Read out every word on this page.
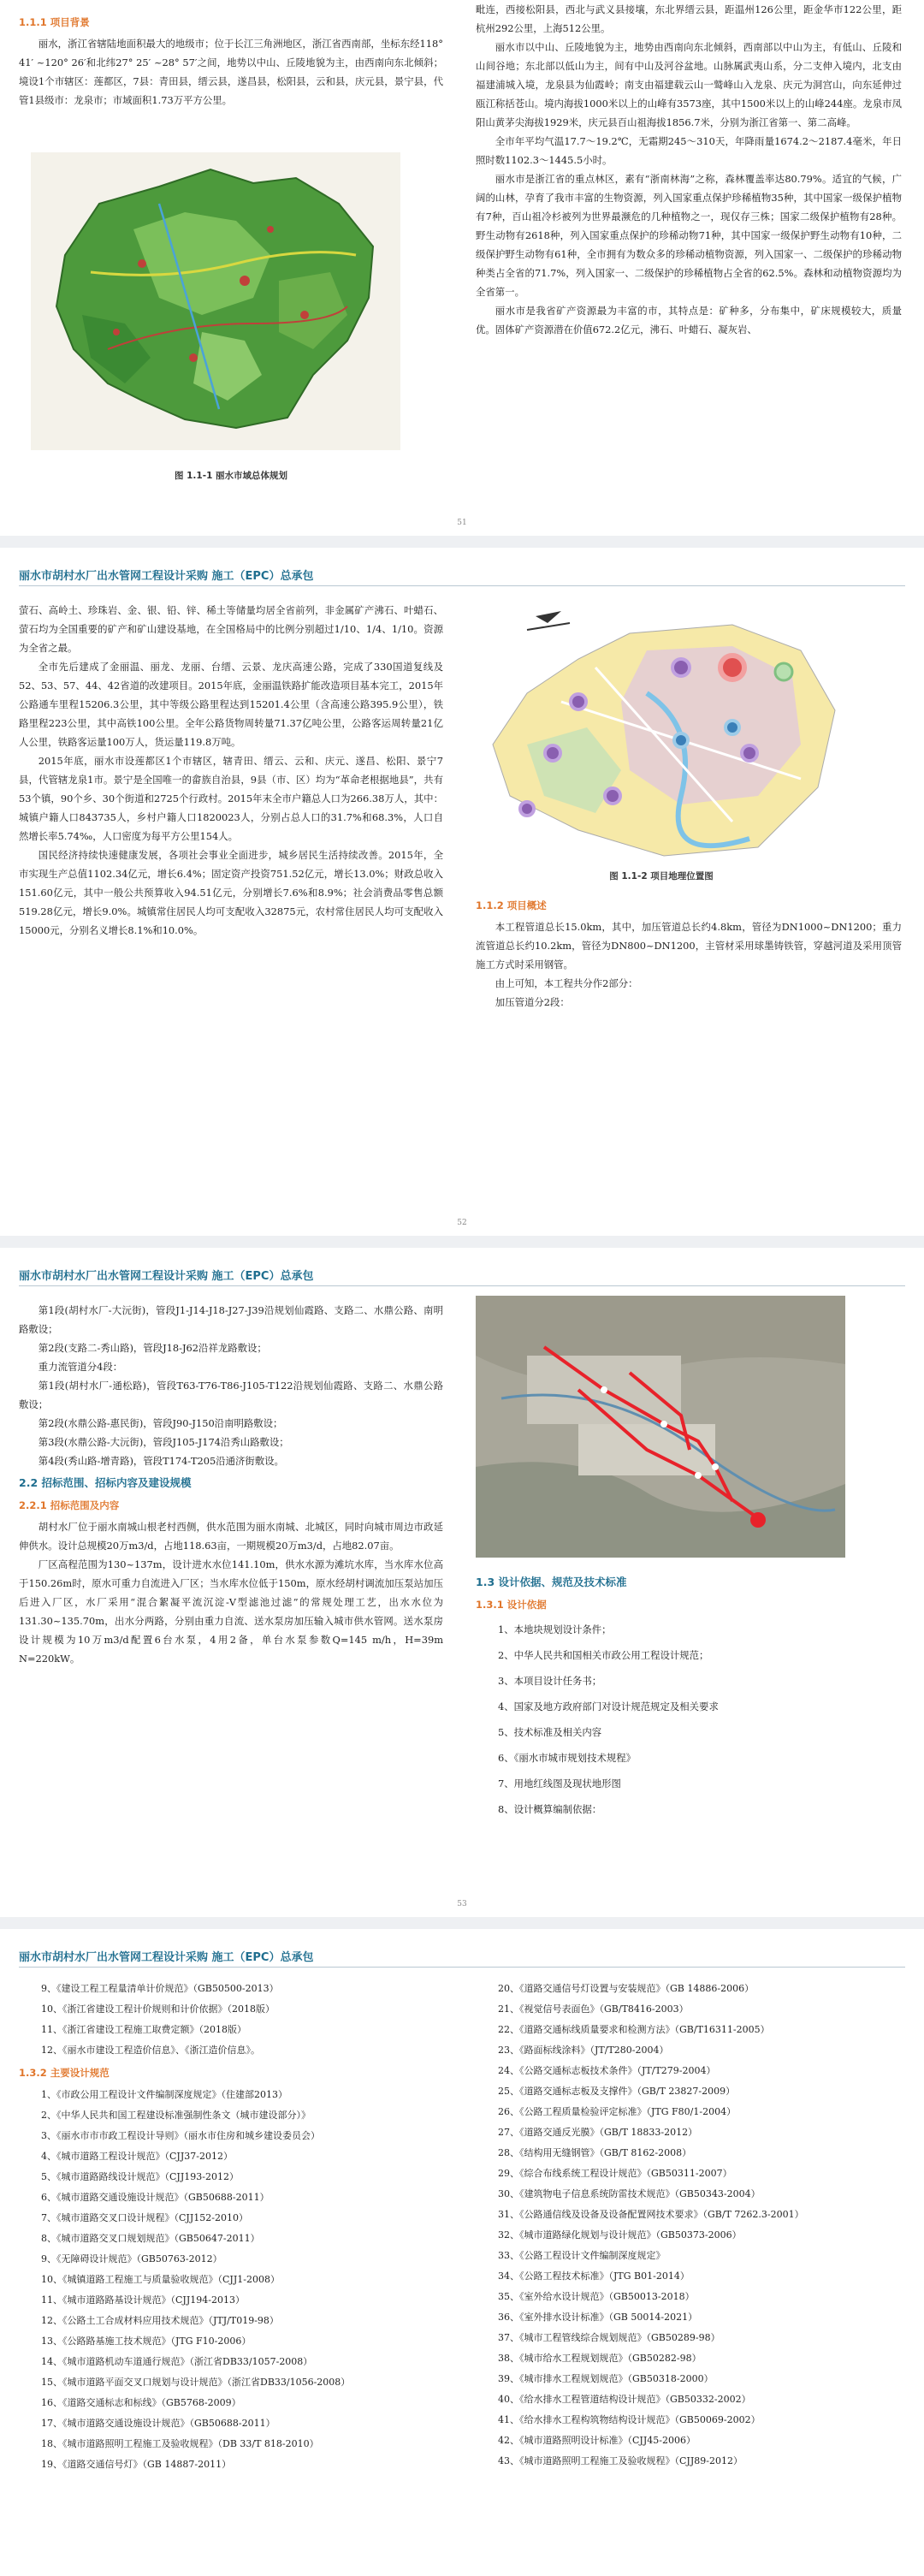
1.1.1 项目背景

丽水，浙江省辖陆地面积最大的地级市；位于长江三角洲地区，浙江省西南部，坐标东经118° 41′ ~120° 26′和北纬27° 25′ ~28° 57′之间，地势以中山、丘陵地貌为主，由西南向东北倾斜；境设1个市辖区：莲都区，7县：青田县，缙云县，遂昌县，松阳县，云和县，庆元县，景宁县，代管1县级市：龙泉市；市域面积1.73万平方公里。

图 1.1-1 丽水市域总体规划

毗连，西接松阳县，西北与武义县接壤，东北界缙云县，距温州126公里，距金华市122公里，距杭州292公里，上海512公里。

丽水市以中山、丘陵地貌为主，地势由西南向东北倾斜，西南部以中山为主，有低山、丘陵和山间谷地；东北部以低山为主，间有中山及河谷盆地。山脉属武夷山系，分二支伸入境内，北支由福建浦城入境，龙泉县为仙霞岭；南支由福建载云山一鹫峰山入龙泉、庆元为洞宫山，向东延伸过瓯江称括苍山。境内海拔1000米以上的山峰有3573座，其中1500米以上的山峰244座。龙泉市凤阳山黄茅尖海拔1929米，庆元县百山祖海拔1856.7米，分别为浙江省第一、第二高峰。

全市年平均气温17.7～19.2℃，无霜期245～310天，年降雨量1674.2～2187.4毫米，年日照时数1102.3～1445.5小时。

丽水市是浙江省的重点林区，素有“浙南林海”之称，森林覆盖率达80.79%。适宜的气候，广阔的山林，孕育了我市丰富的生物资源，列入国家重点保护珍稀植物35种，其中国家一级保护植物有7种，百山祖冷杉被列为世界最濒危的几种植物之一，现仅存三株；国家二级保护植物有28种。野生动物有2618种，列入国家重点保护的珍稀动物71种，其中国家一级保护野生动物有10种，二级保护野生动物有61种，全市拥有为数众多的珍稀动植物资源，列入国家一、二级保护的珍稀动物种类占全省的71.7%，列入国家一、二级保护的珍稀植物占全省的62.5%。森林和动植物资源均为全省第一。

丽水市是我省矿产资源最为丰富的市，其特点是：矿种多，分布集中，矿床规模较大，质量优。固体矿产资源潜在价值672.2亿元，沸石、叶蜡石、凝灰岩、

51
丽水市胡村水厂出水管网工程设计采购 施工（EPC）总承包

萤石、高岭土、珍珠岩、金、银、铅、锌、稀土等储量均居全省前列，非金属矿产沸石、叶蜡石、萤石均为全国重要的矿产和矿山建设基地，在全国格局中的比例分别超过1/10、1/4、1/10。资源为全省之最。

全市先后建成了金丽温、丽龙、龙丽、台缙、云景、龙庆高速公路，完成了330国道复线及52、53、57、44、42省道的改建项目。2015年底，金丽温铁路扩能改造项目基本完工，2015年公路通车里程15206.3公里，其中等级公路里程达到15201.4公里（含高速公路395.9公里），铁路里程223公里，其中高铁100公里。全年公路货物周转量71.37亿吨公里，公路客运周转量21亿人公里，铁路客运量100万人，货运量119.8万吨。

2015年底，丽水市设莲都区1个市辖区，辖青田、缙云、云和、庆元、遂昌、松阳、景宁7县，代管辖龙泉1市。景宁是全国唯一的畲族自治县，9县（市、区）均为“革命老根据地县”，共有53个镇，90个乡、30个街道和2725个行政村。2015年末全市户籍总人口为266.38万人，其中：城镇户籍人口843735人，乡村户籍人口1820023人，分别占总人口的31.7%和68.3%，人口自然增长率5.74‰，人口密度为每平方公里154人。

国民经济持续快速健康发展，各项社会事业全面进步，城乡居民生活持续改善。2015年，全市实现生产总值1102.34亿元，增长6.4%；固定资产投资751.52亿元，增长13.0%；财政总收入151.60亿元，其中一般公共预算收入94.51亿元，分别增长7.6%和8.9%；社会消费品零售总额519.28亿元，增长9.0%。城镇常住居民人均可支配收入32875元，农村常住居民人均可支配收入15000元，分别名义增长8.1%和10.0%。

图 1.1-2 项目地理位置图
1.1.2 项目概述

本工程管道总长15.0km，其中，加压管道总长约4.8km，管径为DN1000~DN1200；重力流管道总长约10.2km，管径为DN800~DN1200，主管材采用球墨铸铁管，穿越河道及采用顶管施工方式时采用钢管。

由上可知，本工程共分作2部分：

加压管道分2段：

52
丽水市胡村水厂出水管网工程设计采购 施工（EPC）总承包

第1段(胡村水厂-大沅街)，管段J1-J14-J18-J27-J39沿规划仙霞路、支路二、水鼎公路、南明路敷设；

第2段(支路二-秀山路)，管段J18-J62沿祥龙路敷设；

重力流管道分4段：

第1段(胡村水厂-通松路)，管段T63-T76-T86-J105-T122沿规划仙霞路、支路二、水鼎公路敷设；

第2段(水鼎公路-惠民街)，管段J90-J150沿南明路敷设；

第3段(水鼎公路-大沅街)，管段J105-J174沿秀山路敷设；

第4段(秀山路-增青路)，管段T174-T205沿通济街敷设。

2.2 招标范围、招标内容及建设规模
2.2.1 招标范围及内容

胡村水厂位于丽水南城山根老村西侧，供水范围为丽水南城、北城区，同时向城市周边市政延伸供水。设计总规模20万m3/d，占地118.63亩，一期规模20万m3/d，占地82.07亩。

厂区高程范围为130~137m，设计进水水位141.10m，供水水源为滩坑水库，当水库水位高于150.26m时，原水可重力自流进入厂区；当水库水位低于150m，原水经胡村调流加压泵站加压后进入厂区，水厂采用“混合絮凝平流沉淀-V型滤池过滤”的常规处理工艺，出水水位为131.30~135.70m，出水分两路，分别由重力自流、送水泵房加压输入城市供水管网。送水泵房设计规模为10万m3/d配置6台水泵，4用2备，单台水泵参数Q=145 m/h，H=39m N=220kW。

1.3 设计依据、规范及技术标准
1.3.1 设计依据
1、本地块规划设计条件；
2、中华人民共和国相关市政公用工程设计规范；
3、本项目设计任务书；
4、国家及地方政府部门对设计规范规定及相关要求
5、技术标准及相关内容
6、《丽水市城市规划技术规程》
7、用地红线图及现状地形图
8、设计概算编制依据：
53
丽水市胡村水厂出水管网工程设计采购 施工（EPC）总承包
9、《建设工程工程量清单计价规范》（GB50500-2013）
10、《浙江省建设工程计价规则和计价依据》（2018版）
11、《浙江省建设工程施工取费定额》（2018版）
12、《丽水市建设工程造价信息》、《浙江造价信息》。
1.3.2 主要设计规范
1、《市政公用工程设计文件编制深度规定》（住建部2013）
2、《中华人民共和国工程建设标准强制性条文（城市建设部分）》
3、《丽水市市市政工程设计导则》（丽水市住房和城乡建设委员会）
4、《城市道路工程设计规范》（CJJ37-2012）
5、《城市道路路线设计规范》（CJJ193-2012）
6、《城市道路交通设施设计规范》（GB50688-2011）
7、《城市道路交叉口设计规程》（CJJ152-2010）
8、《城市道路交叉口规划规范》（GB50647-2011）
9、《无障碍设计规范》（GB50763-2012）
10、《城镇道路工程施工与质量验收规范》（CJJ1-2008）
11、《城市道路路基设计规范》（CJJ194-2013）
12、《公路土工合成材料应用技术规范》（JTJ/T019-98）
13、《公路路基施工技术规范》（JTG F10-2006）
14、《城市道路机动车道通行规范》（浙江省DB33/1057-2008）
15、《城市道路平面交叉口规划与设计规范》（浙江省DB33/1056-2008）
16、《道路交通标志和标线》（GB5768-2009）
17、《城市道路交通设施设计规范》（GB50688-2011）
18、《城市道路照明工程施工及验收规程》（DB 33/T 818-2010）
19、《道路交通信号灯》（GB 14887-2011）
20、《道路交通信号灯设置与安装规范》（GB 14886-2006）
21、《视觉信号表面色》（GB/T8416-2003）
22、《道路交通标线质量要求和检测方法》（GB/T16311-2005）
23、《路面标线涂料》（JT/T280-2004）
24、《公路交通标志板技术条件》（JT/T279-2004）
25、《道路交通标志板及支撑件》（GB/T 23827-2009）
26、《公路工程质量检验评定标准》（JTG F80/1-2004）
27、《道路交通反光膜》（GB/T 18833-2012）
28、《结构用无缝钢管》（GB/T 8162-2008）
29、《综合布线系统工程设计规范》（GB50311-2007）
30、《建筑物电子信息系统防雷技术规范》（GB50343-2004）
31、《公路通信线及设备及设备配置网技术要求》（GB/T 7262.3-2001）
32、《城市道路绿化规划与设计规范》（GB50373-2006）
33、《公路工程设计文件编制深度规定》
34、《公路工程技术标准》（JTG B01-2014）
35、《室外给水设计规范》（GB50013-2018）
36、《室外排水设计标准》（GB 50014-2021）
37、《城市工程管线综合规划规范》（GB50289-98）
38、《城市给水工程规划规范》（GB50282-98）
39、《城市排水工程规划规范》（GB50318-2000）
40、《给水排水工程管道结构设计规范》（GB50332-2002）
41、《给水排水工程构筑物结构设计规范》（GB50069-2002）
42、《城市道路照明设计标准》（CJJ45-2006）
43、《城市道路照明工程施工及验收规程》（CJJ89-2012）
